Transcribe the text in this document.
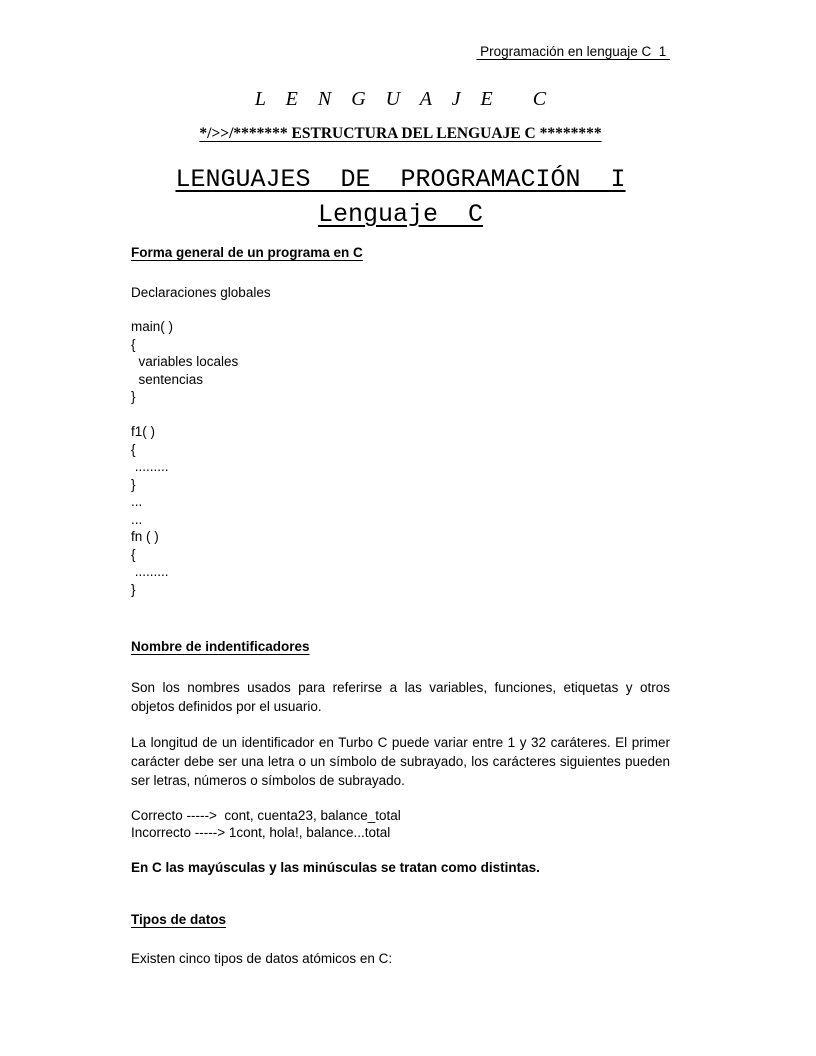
Programación en lenguaje C  1
L    E    N    G    U    A    J    E        C
*/>>/******* ESTRUCTURA DEL LENGUAJE C ********
LENGUAJES  DE  PROGRAMACIÓN  I
Lenguaje  C
Forma general de un programa en C
Declaraciones globales
main( )
{
variables locales
sentencias
}

f1( )
{
.........
}
...
...
fn ( )
{
.........
}
Nombre de indentificadores
Son los nombres usados para referirse a las variables, funciones, etiquetas y otros objetos definidos por el usuario.
La longitud de un identificador en Turbo C puede variar entre 1 y 32 caráteres. El primer carácter debe ser una letra o un símbolo de subrayado, los carácteres siguientes pueden ser letras, números o símbolos de subrayado.
Correcto ----->  cont, cuenta23, balance_total
Incorrecto -----> 1cont, hola!, balance...total
En C las mayúsculas y las minúsculas se tratan como distintas.
Tipos de datos
Existen cinco tipos de datos atómicos en C:
